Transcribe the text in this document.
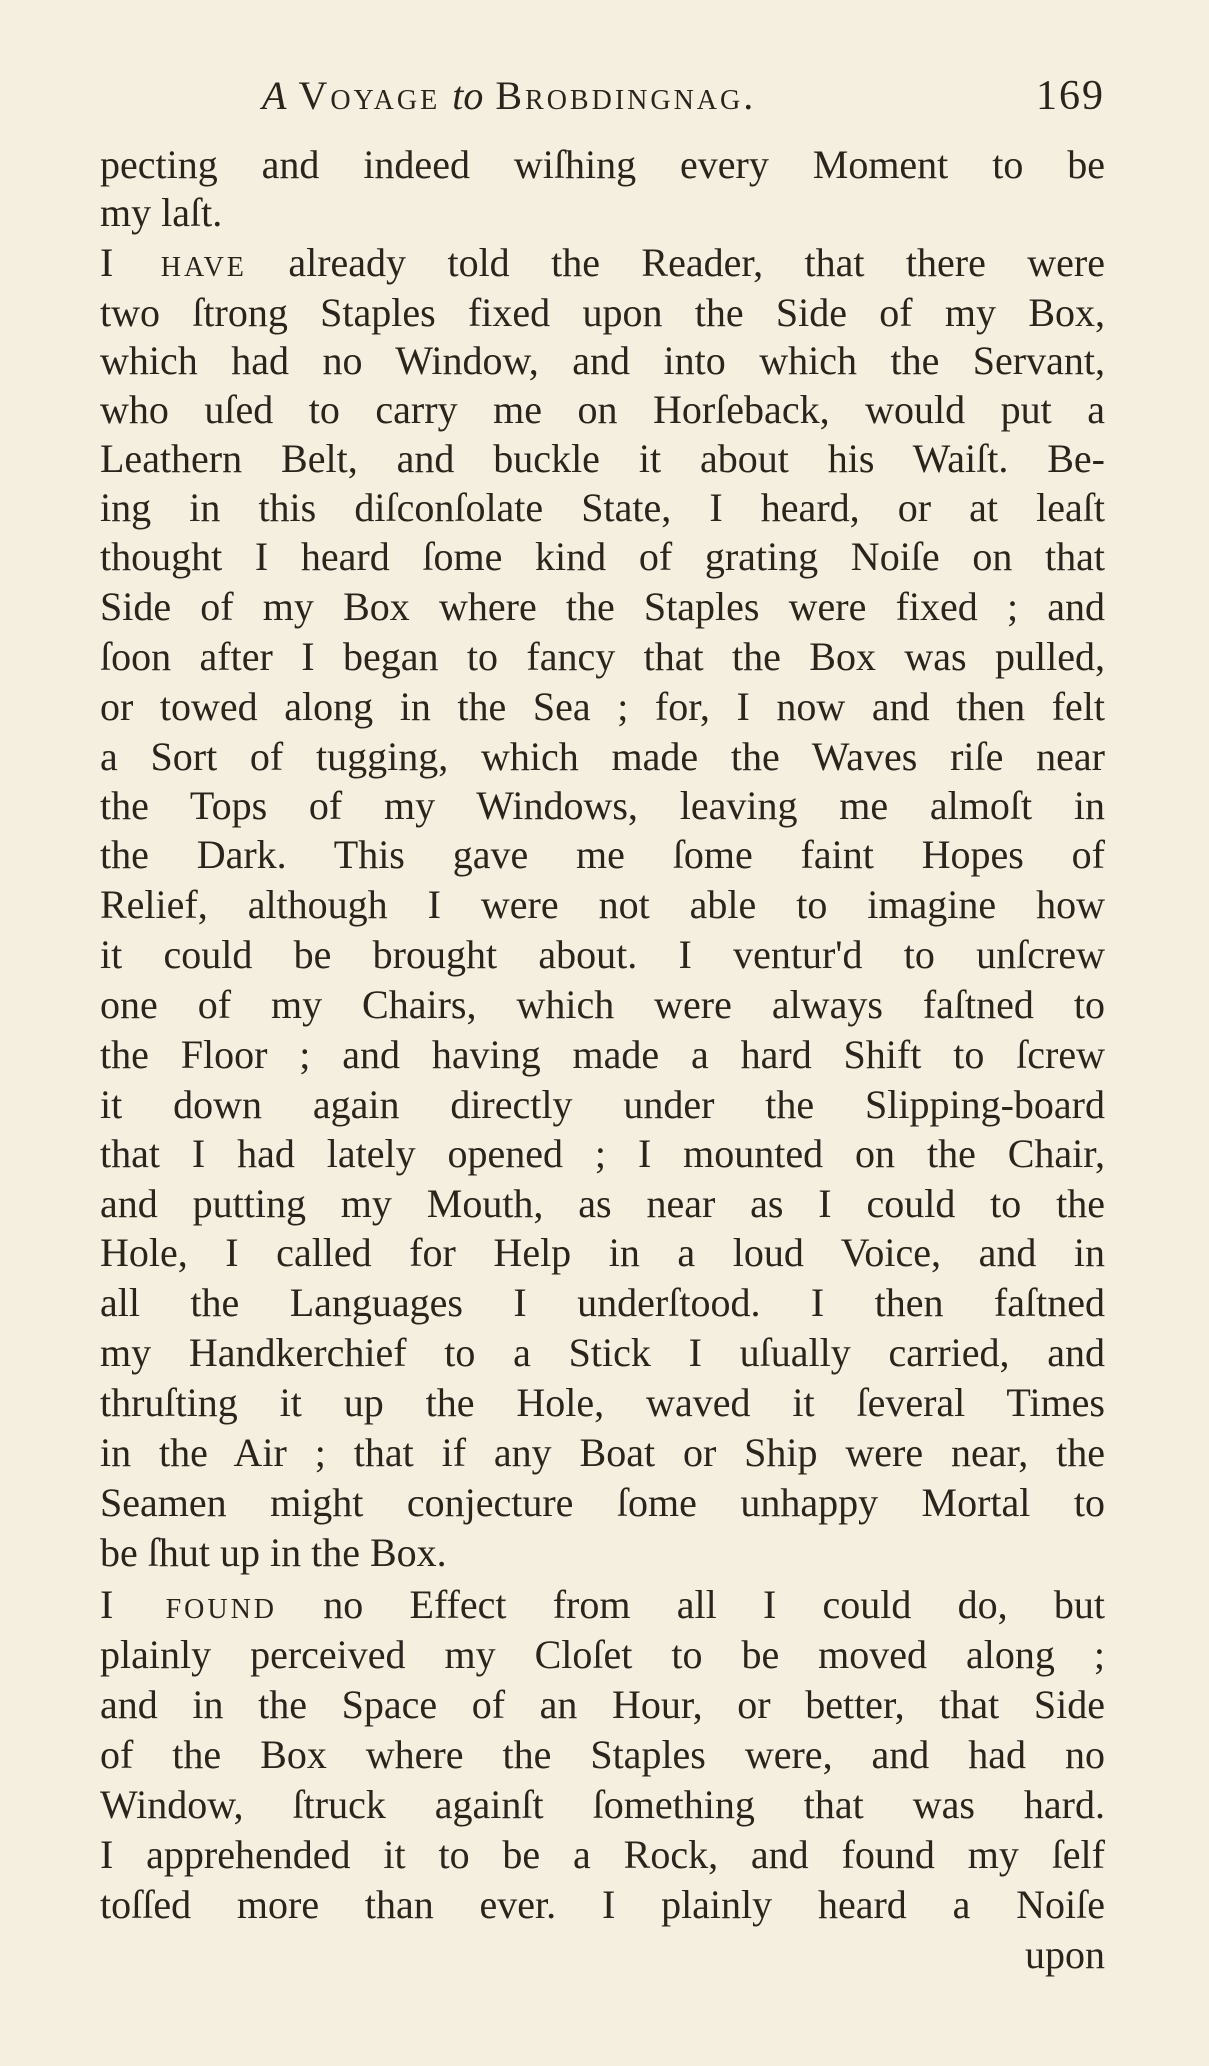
A Voyage to Brobdingnag.	169
pecting and indeed wiſhing every Moment to be
my laſt.
I have already told the Reader, that there were
two ſtrong Staples fixed upon the Side of my Box,
which had no Window, and into which the Servant,
who uſed to carry me on Horſeback, would put a
Leathern Belt, and buckle it about his Waiſt. Be-
ing in this diſconſolate State, I heard, or at leaſt
thought I heard ſome kind of grating Noiſe on that
Side of my Box where the Staples were fixed ; and
ſoon after I began to fancy that the Box was pulled,
or towed along in the Sea ; for, I now and then felt
a Sort of tugging, which made the Waves riſe near
the Tops of my Windows, leaving me almoſt in
the Dark. This gave me ſome faint Hopes of
Relief, although I were not able to imagine how
it could be brought about. I ventur'd to unſcrew
one of my Chairs, which were always faſtned to
the Floor ; and having made a hard Shift to ſcrew
it down again directly under the Slipping-board
that I had lately opened ; I mounted on the Chair,
and putting my Mouth, as near as I could to the
Hole, I called for Help in a loud Voice, and in
all the Languages I underſtood. I then faſtned
my Handkerchief to a Stick I uſually carried, and
thruſting it up the Hole, waved it ſeveral Times
in the Air ; that if any Boat or Ship were near, the
Seamen might conjecture ſome unhappy Mortal to
be ſhut up in the Box.
I found no Effect from all I could do, but
plainly perceived my Cloſet to be moved along ;
and in the Space of an Hour, or better, that Side
of the Box where the Staples were, and had no
Window, ſtruck againſt ſomething that was hard.
I apprehended it to be a Rock, and found my ſelf
toſſed more than ever. I plainly heard a Noiſe
upon
